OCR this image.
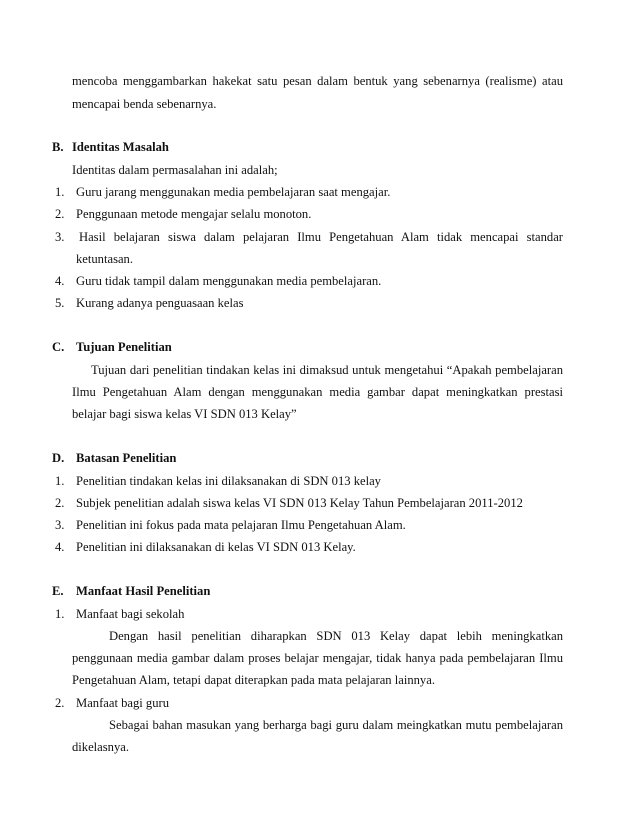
mencoba menggambarkan hakekat satu pesan dalam bentuk yang sebenarnya (realisme) atau
mencapai benda sebenarnya.
B. Identitas Masalah
Identitas dalam permasalahan ini adalah;
1. Guru jarang menggunakan media pembelajaran saat mengajar.
2. Penggunaan metode mengajar selalu monoton.
3. Hasil belajaran siswa dalam pelajaran Ilmu Pengetahuan Alam tidak mencapai standar
ketuntasan.
4. Guru tidak tampil dalam menggunakan media pembelajaran.
5. Kurang adanya penguasaan kelas
C. Tujuan Penelitian
Tujuan dari penelitian tindakan kelas ini dimaksud untuk mengetahui “Apakah pembelajaran
Ilmu Pengetahuan Alam dengan menggunakan media gambar dapat meningkatkan prestasi
belajar bagi siswa kelas VI SDN 013 Kelay”
D. Batasan Penelitian
1. Penelitian tindakan kelas ini dilaksanakan di SDN 013 kelay
2. Subjek penelitian adalah siswa kelas VI SDN 013 Kelay Tahun Pembelajaran 2011-2012
3. Penelitian ini fokus pada mata pelajaran Ilmu Pengetahuan Alam.
4. Penelitian ini dilaksanakan di kelas VI SDN 013 Kelay.
E. Manfaat Hasil Penelitian
1. Manfaat bagi sekolah
Dengan hasil penelitian diharapkan SDN 013 Kelay dapat lebih meningkatkan
penggunaan media gambar dalam proses belajar mengajar, tidak hanya pada pembelajaran Ilmu
Pengetahuan Alam, tetapi dapat diterapkan pada mata pelajaran lainnya.
2. Manfaat bagi guru
Sebagai bahan masukan yang berharga bagi guru dalam meingkatkan mutu pembelajaran
dikelasnya.
